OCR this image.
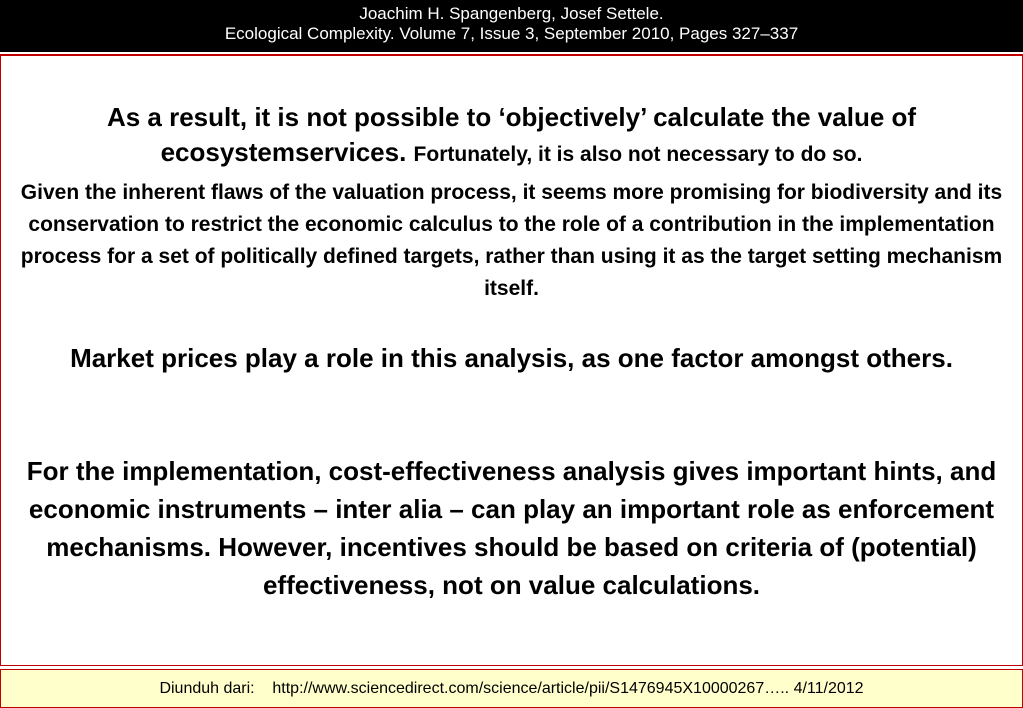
Joachim H. Spangenberg, Josef Settele.
Ecological Complexity. Volume 7, Issue 3, September 2010, Pages 327–337
As a result, it is not possible to ‘objectively’ calculate the value of ecosystemservices. Fortunately, it is also not necessary to do so.
Given the inherent flaws of the valuation process, it seems more promising for biodiversity and its conservation to restrict the economic calculus to the role of a contribution in the implementation process for a set of politically defined targets, rather than using it as the target setting mechanism itself.
Market prices play a role in this analysis, as one factor amongst others.
For the implementation, cost-effectiveness analysis gives important hints, and economic instruments – inter alia – can play an important role as enforcement mechanisms. However, incentives should be based on criteria of (potential) effectiveness, not on value calculations.
Diunduh dari: http://www.sciencedirect.com/science/article/pii/S1476945X10000267….. 4/11/2012
